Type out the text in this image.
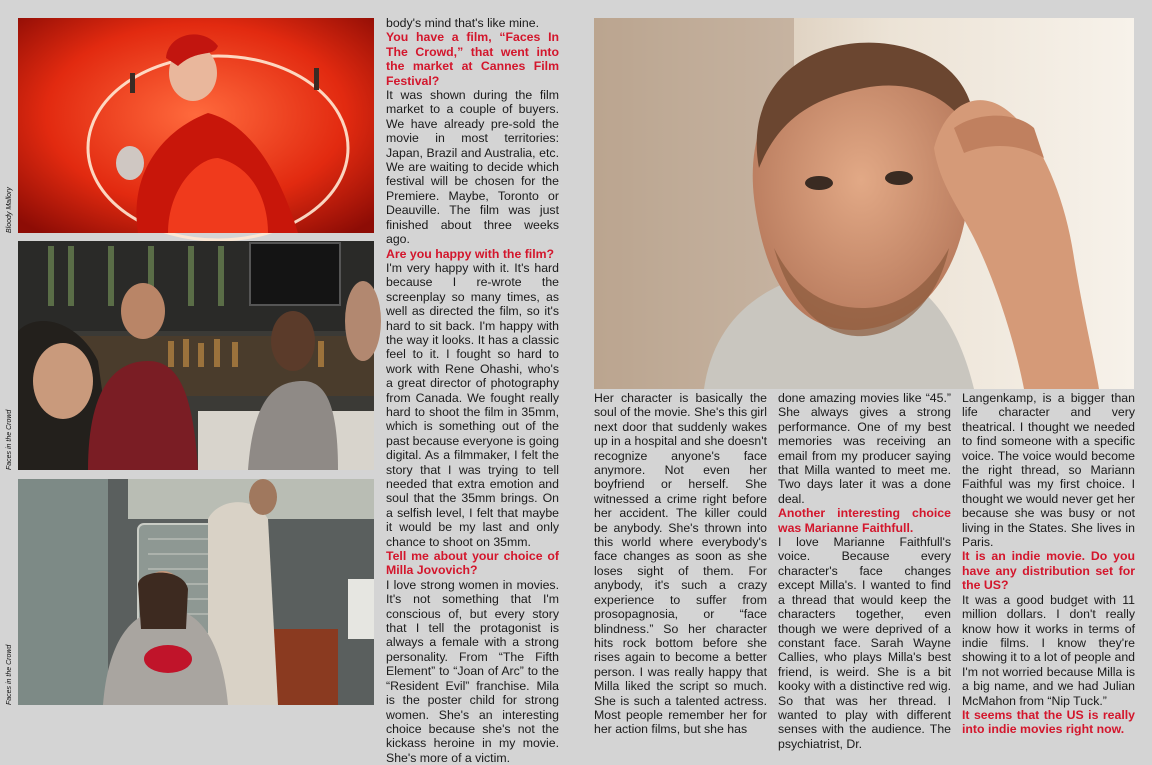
Bloody Mallory
Faces in the Crowd
Faces in the Crowd

body's mind that's like mine.

You have a film, “Faces In The Crowd,” that went into the market at Cannes Film Festival?

It was shown during the film market to a couple of buyers. We have already pre-sold the movie in most territories: Japan, Brazil and Australia, etc. We are waiting to decide which festival will be chosen for the Premiere. Maybe, Toronto or Deauville. The film was just finished about three weeks ago.

Are you happy with the film?

I'm very happy with it. It's hard because I re-wrote the screenplay so many times, as well as directed the film, so it's hard to sit back. I'm happy with the way it looks. It has a classic feel to it. I fought so hard to work with Rene Ohashi, who's a great director of photography from Canada. We fought really hard to shoot the film in 35mm, which is something out of the past because everyone is going digital. As a filmmaker, I felt the story that I was trying to tell needed that extra emotion and soul that the 35mm brings. On a selfish level, I felt that maybe it would be my last and only chance to shoot on 35mm.

Tell me about your choice of Milla Jovovich?

I love strong women in movies. It's not something that I'm conscious of, but every story that I tell the protagonist is always a female with a strong personality. From “The Fifth Element” to “Joan of Arc” to the “Resident Evil” franchise. Mila is the poster child for strong women. She's an interesting choice because she's not the kickass heroine in my movie. She's more of a victim.

Her character is basically the soul of the movie. She's this girl next door that suddenly wakes up in a hospital and she doesn't recognize anyone's face anymore. Not even her boyfriend or herself. She witnessed a crime right before her accident. The killer could be anybody. She's thrown into this world where everybody's face changes as soon as she loses sight of them. For anybody, it's such a crazy experience to suffer from prosopagnosia, or “face blindness.” So her character hits rock bottom before she rises again to become a better person. I was really happy that Milla liked the script so much. She is such a talented actress. Most people remember her for her action films, but she has

done amazing movies like “45.” She always gives a strong performance. One of my best memories was receiving an email from my producer saying that Milla wanted to meet me. Two days later it was a done deal.

Another interesting choice was Marianne Faithfull.

I love Marianne Faithfull's voice. Because every character's face changes except Milla's. I wanted to find a thread that would keep the characters together, even though we were deprived of a constant face. Sarah Wayne Callies, who plays Milla's best friend, is weird. She is a bit kooky with a distinctive red wig. So that was her thread. I wanted to play with different senses with the audience. The psychiatrist, Dr.

Langenkamp, is a bigger than life character and very theatrical. I thought we needed to find someone with a specific voice. The voice would become the right thread, so Mariann Faithful was my first choice. I thought we would never get her because she was busy or not living in the States. She lives in Paris.

It is an indie movie. Do you have any distribution set for the US?

It was a good budget with 11 million dollars. I don't really know how it works in terms of indie films. I know they're showing it to a lot of people and I'm not worried because Milla is a big name, and we had Julian McMahon from “Nip Tuck.”

It seems that the US is really into indie movies right now.
